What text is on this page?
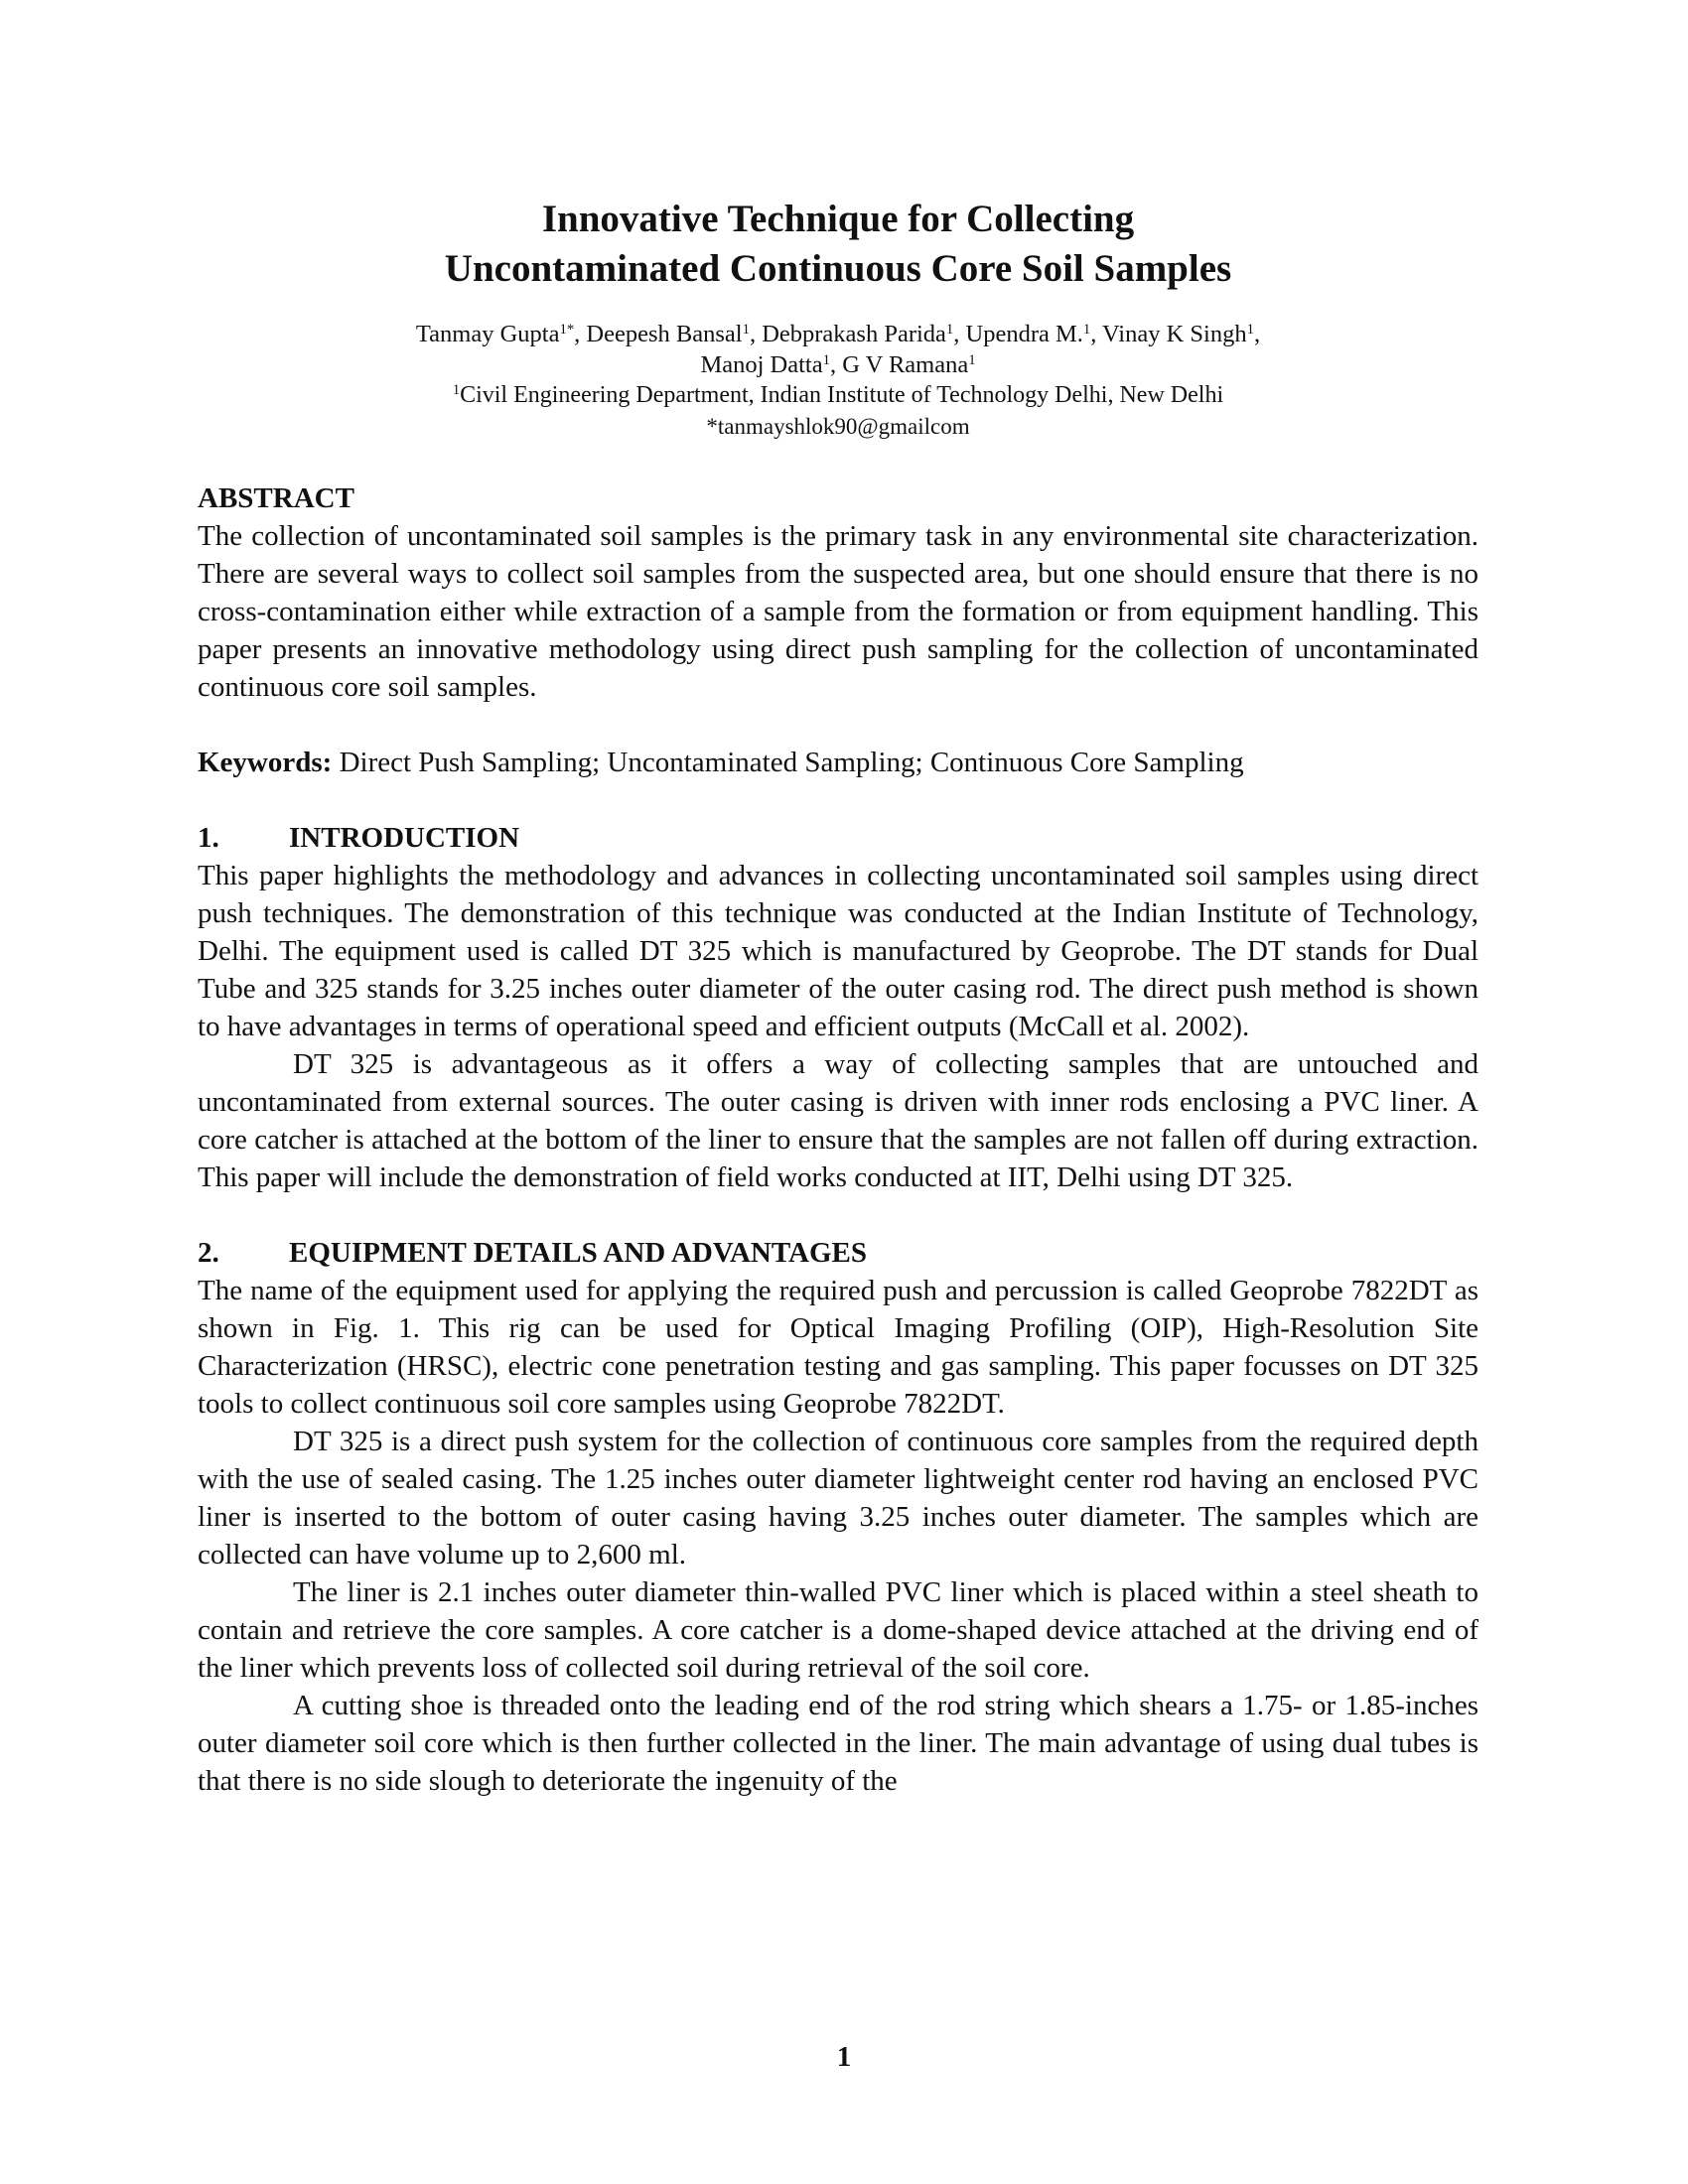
Innovative Technique for Collecting
Uncontaminated Continuous Core Soil Samples
Tanmay Gupta$^{1*}$, Deepesh Bansal$^1$, Debprakash Parida$^1$, Upendra M.$^1$, Vinay K Singh$^1$,
Manoj Datta$^1$, G V Ramana$^1$
$^1$Civil Engineering Department, Indian Institute of Technology Delhi, New Delhi
*tanmayshlok90@gmailcom
ABSTRACT

The collection of uncontaminated soil samples is the primary task in any environmental site characterization. There are several ways to collect soil samples from the suspected area, but one should ensure that there is no cross-contamination either while extraction of a sample from the formation or from equipment handling. This paper presents an innovative methodology using direct push sampling for the collection of uncontaminated continuous core soil samples.

Keywords: Direct Push Sampling; Uncontaminated Sampling; Continuous Core Sampling

1. INTRODUCTION

This paper highlights the methodology and advances in collecting uncontaminated soil samples using direct push techniques. The demonstration of this technique was conducted at the Indian Institute of Technology, Delhi. The equipment used is called DT 325 which is manufactured by Geoprobe. The DT stands for Dual Tube and 325 stands for 3.25 inches outer diameter of the outer casing rod. The direct push method is shown to have advantages in terms of operational speed and efficient outputs (McCall et al. 2002).

DT 325 is advantageous as it offers a way of collecting samples that are untouched and uncontaminated from external sources. The outer casing is driven with inner rods enclosing a PVC liner. A core catcher is attached at the bottom of the liner to ensure that the samples are not fallen off during extraction. This paper will include the demonstration of field works conducted at IIT, Delhi using DT 325.

2. EQUIPMENT DETAILS AND ADVANTAGES

The name of the equipment used for applying the required push and percussion is called Geoprobe 7822DT as shown in Fig. 1. This rig can be used for Optical Imaging Profiling (OIP), High-Resolution Site Characterization (HRSC), electric cone penetration testing and gas sampling. This paper focusses on DT 325 tools to collect continuous soil core samples using Geoprobe 7822DT.

DT 325 is a direct push system for the collection of continuous core samples from the required depth with the use of sealed casing. The 1.25 inches outer diameter lightweight center rod having an enclosed PVC liner is inserted to the bottom of outer casing having 3.25 inches outer diameter. The samples which are collected can have volume up to 2,600 ml.

The liner is 2.1 inches outer diameter thin-walled PVC liner which is placed within a steel sheath to contain and retrieve the core samples. A core catcher is a dome-shaped device attached at the driving end of the liner which prevents loss of collected soil during retrieval of the soil core.

A cutting shoe is threaded onto the leading end of the rod string which shears a 1.75- or 1.85-inches outer diameter soil core which is then further collected in the liner. The main advantage of using dual tubes is that there is no side slough to deteriorate the ingenuity of the

1
